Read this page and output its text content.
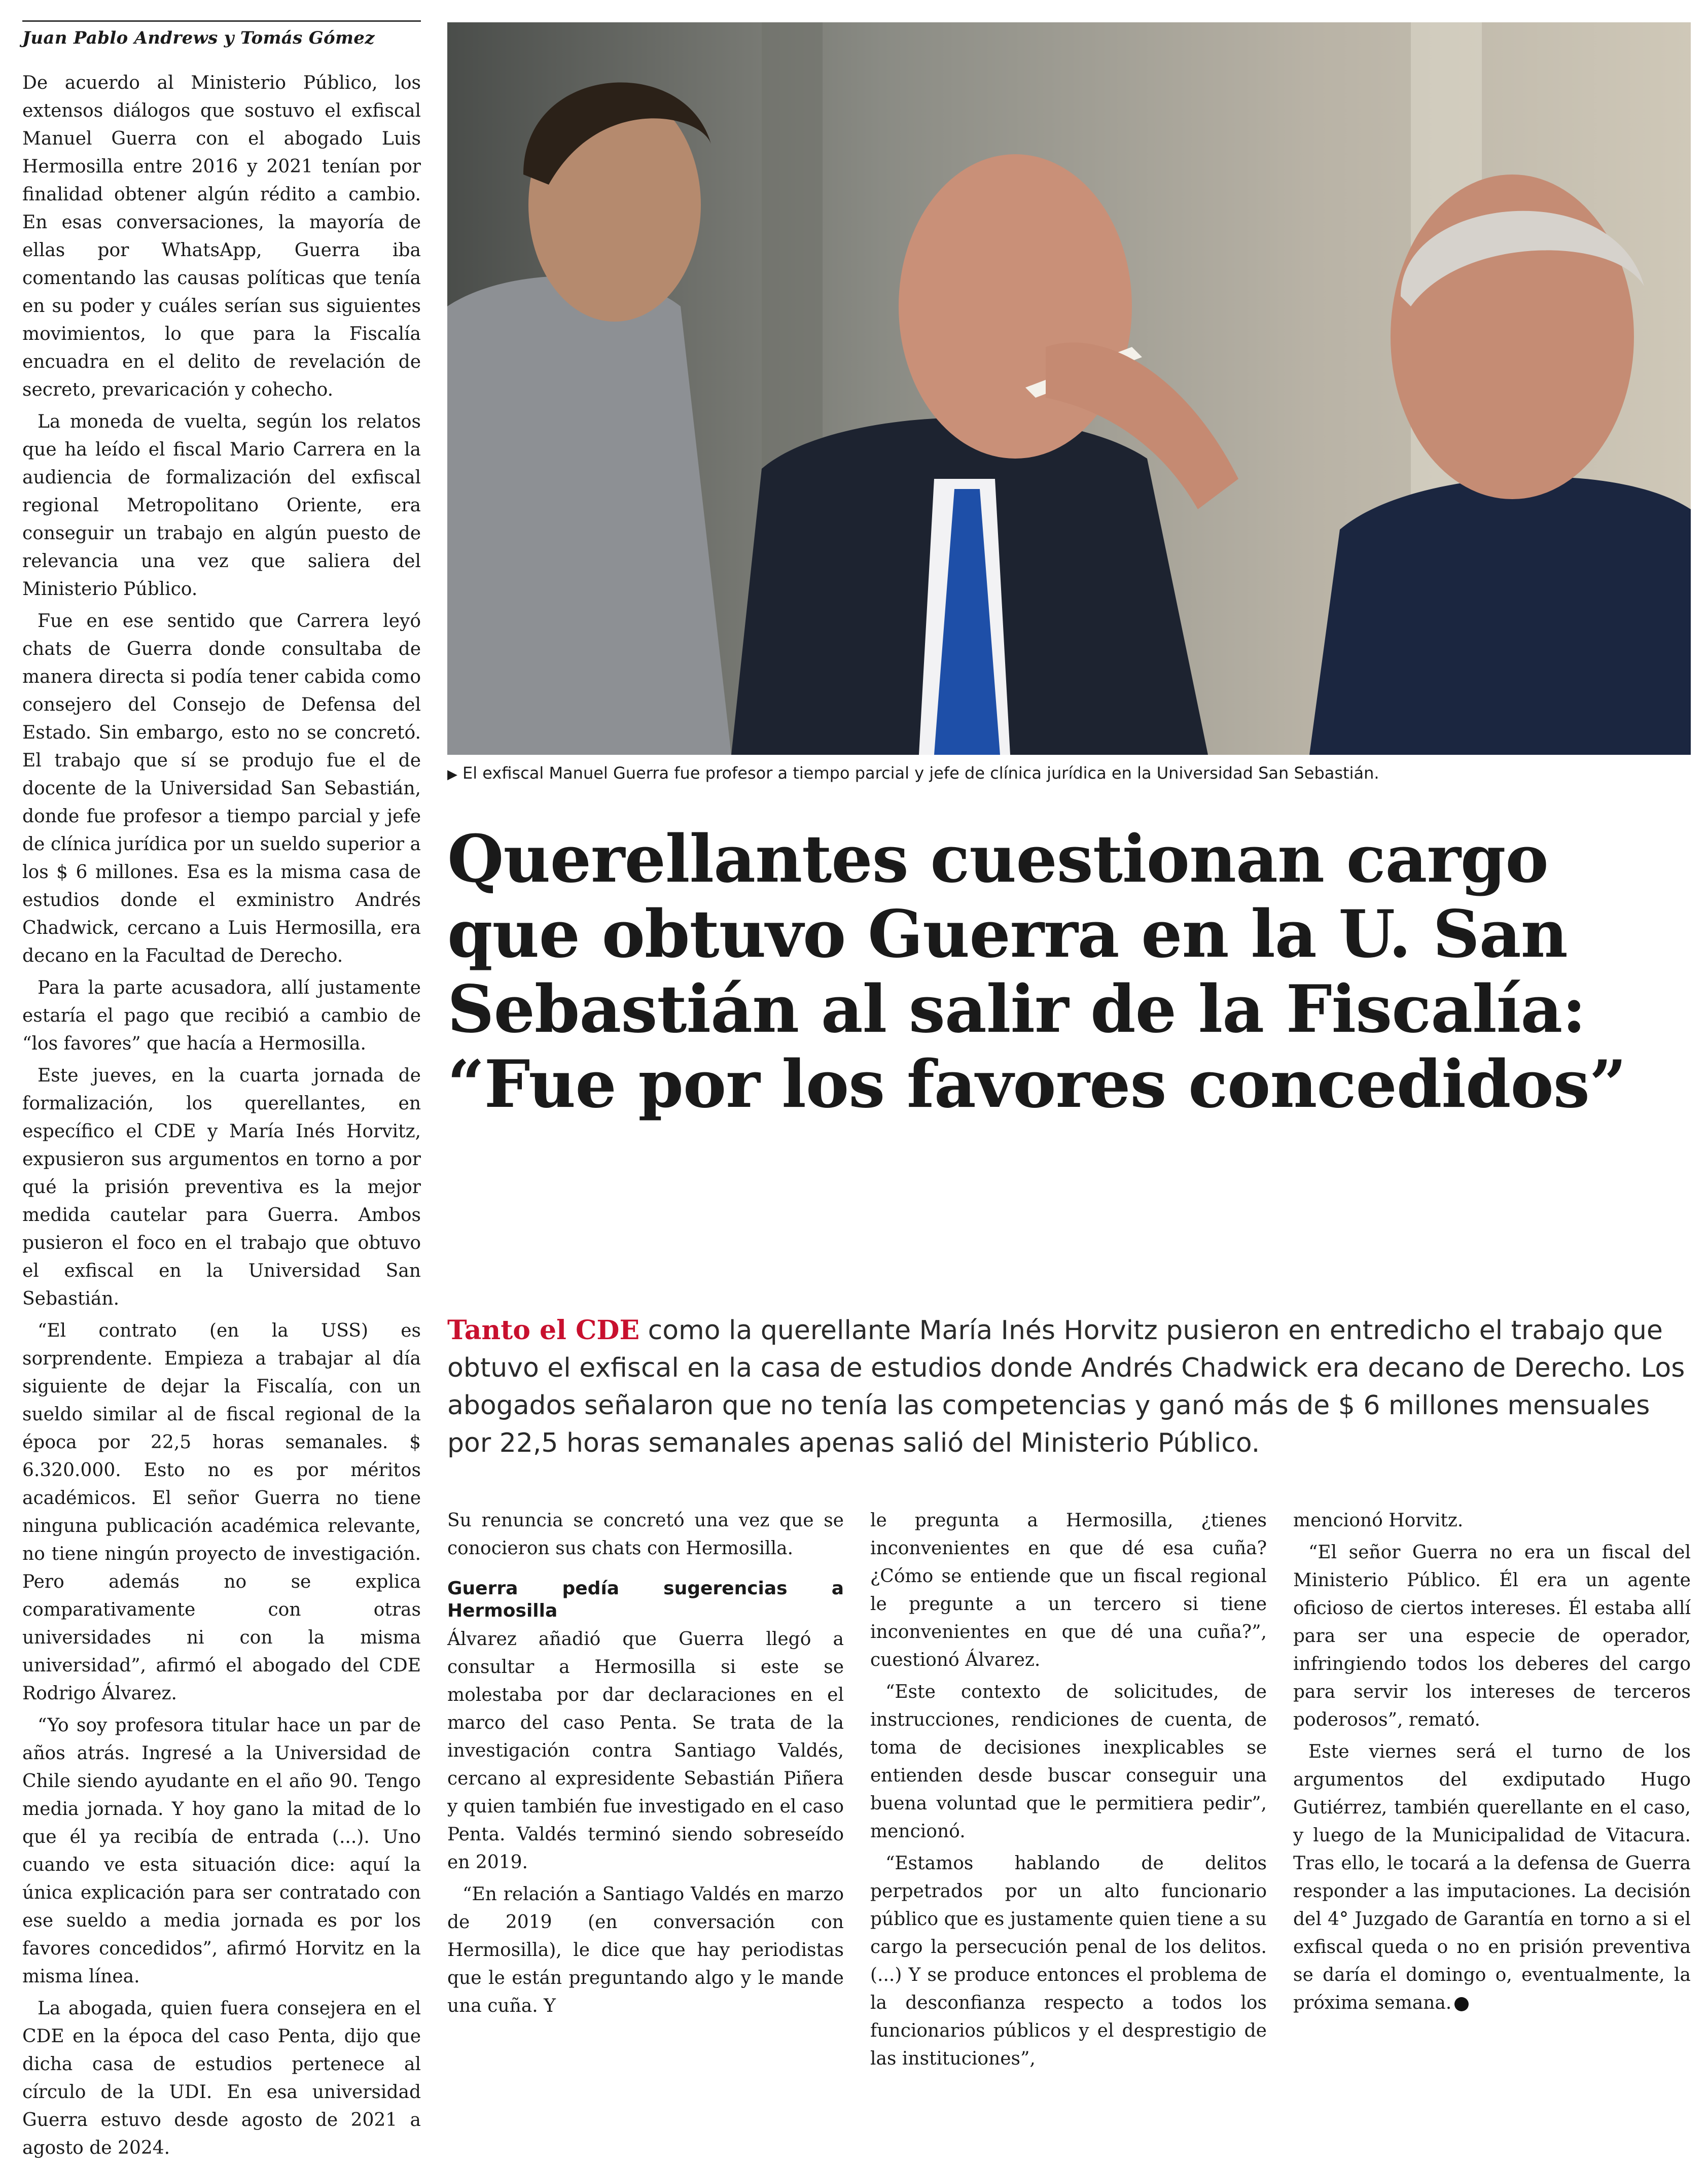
Juan Pablo Andrews y Tomás Gómez

De acuerdo al Ministerio Público, los extensos diálogos que sostuvo el exfiscal Manuel Guerra con el abogado Luis Hermosilla entre 2016 y 2021 tenían por finalidad obtener algún rédito a cambio. En esas conversaciones, la mayoría de ellas por WhatsApp, Guerra iba comentando las causas políticas que tenía en su poder y cuáles serían sus siguientes movimientos, lo que para la Fiscalía encuadra en el delito de revelación de secreto, prevaricación y cohecho.

La moneda de vuelta, según los relatos que ha leído el fiscal Mario Carrera en la audiencia de formalización del exfiscal regional Metropolitano Oriente, era conseguir un trabajo en algún puesto de relevancia una vez que saliera del Ministerio Público.

Fue en ese sentido que Carrera leyó chats de Guerra donde consultaba de manera directa si podía tener cabida como consejero del Consejo de Defensa del Estado. Sin embargo, esto no se concretó. El trabajo que sí se produjo fue el de docente de la Universidad San Sebastián, donde fue profesor a tiempo parcial y jefe de clínica jurídica por un sueldo superior a los $ 6 millones. Esa es la misma casa de estudios donde el exministro Andrés Chadwick, cercano a Luis Hermosilla, era decano en la Facultad de Derecho.

Para la parte acusadora, allí justamente estaría el pago que recibió a cambio de “los favores” que hacía a Hermosilla.

Este jueves, en la cuarta jornada de formalización, los querellantes, en específico el CDE y María Inés Horvitz, expusieron sus argumentos en torno a por qué la prisión preventiva es la mejor medida cautelar para Guerra. Ambos pusieron el foco en el trabajo que obtuvo el exfiscal en la Universidad San Sebastián.

“El contrato (en la USS) es sorprendente. Empieza a trabajar al día siguiente de dejar la Fiscalía, con un sueldo similar al de fiscal regional de la época por 22,5 horas semanales. $ 6.320.000. Esto no es por méritos académicos. El señor Guerra no tiene ninguna publicación académica relevante, no tiene ningún proyecto de investigación. Pero además no se explica comparativamente con otras universidades ni con la misma universidad”, afirmó el abogado del CDE Rodrigo Álvarez.

“Yo soy profesora titular hace un par de años atrás. Ingresé a la Universidad de Chile siendo ayudante en el año 90. Tengo media jornada. Y hoy gano la mitad de lo que él ya recibía de entrada (...). Uno cuando ve esta situación dice: aquí la única explicación para ser contratado con ese sueldo a media jornada es por los favores concedidos”, afirmó Horvitz en la misma línea.

La abogada, quien fuera consejera en el CDE en la época del caso Penta, dijo que dicha casa de estudios pertenece al círculo de la UDI. En esa universidad Guerra estuvo desde agosto de 2021 a agosto de 2024.

▶ El exfiscal Manuel Guerra fue profesor a tiempo parcial y jefe de clínica jurídica en la Universidad San Sebastián.
Querellantes cuestionan cargo que obtuvo Guerra en la U. San Sebastián al salir de la Fiscalía: “Fue por los favores concedidos”
Tanto el CDE como la querellante María Inés Horvitz pusieron en entredicho el trabajo que obtuvo el exfiscal en la casa de estudios donde Andrés Chadwick era decano de Derecho. Los abogados señalaron que no tenía las competencias y ganó más de $ 6 millones mensuales por 22,5 horas semanales apenas salió del Ministerio Público.

Su renuncia se concretó una vez que se conocieron sus chats con Hermosilla.

Guerra pedía sugerencias a Hermosilla

Álvarez añadió que Guerra llegó a consultar a Hermosilla si este se molestaba por dar declaraciones en el marco del caso Penta. Se trata de la investigación contra Santiago Valdés, cercano al expresidente Sebastián Piñera y quien también fue investigado en el caso Penta. Valdés terminó siendo sobreseído en 2019.

“En relación a Santiago Valdés en marzo de 2019 (en conversación con Hermosilla), le dice que hay periodistas que le están preguntando algo y le mande una cuña. Y

le pregunta a Hermosilla, ¿tienes inconvenientes en que dé esa cuña? ¿Cómo se entiende que un fiscal regional le pregunte a un tercero si tiene inconvenientes en que dé una cuña?”, cuestionó Álvarez.

“Este contexto de solicitudes, de instrucciones, rendiciones de cuenta, de toma de decisiones inexplicables se entienden desde buscar conseguir una buena voluntad que le permitiera pedir”, mencionó.

“Estamos hablando de delitos perpetrados por un alto funcionario público que es justamente quien tiene a su cargo la persecución penal de los delitos. (...) Y se produce entonces el problema de la desconfianza respecto a todos los funcionarios públicos y el desprestigio de las instituciones”,

mencionó Horvitz.

“El señor Guerra no era un fiscal del Ministerio Público. Él era un agente oficioso de ciertos intereses. Él estaba allí para ser una especie de operador, infringiendo todos los deberes del cargo para servir los intereses de terceros poderosos”, remató.

Este viernes será el turno de los argumentos del exdiputado Hugo Gutiérrez, también querellante en el caso, y luego de la Municipalidad de Vitacura. Tras ello, le tocará a la defensa de Guerra responder a las imputaciones. La decisión del 4° Juzgado de Garantía en torno a si el exfiscal queda o no en prisión preventiva se daría el domingo o, eventualmente, la próxima semana.
